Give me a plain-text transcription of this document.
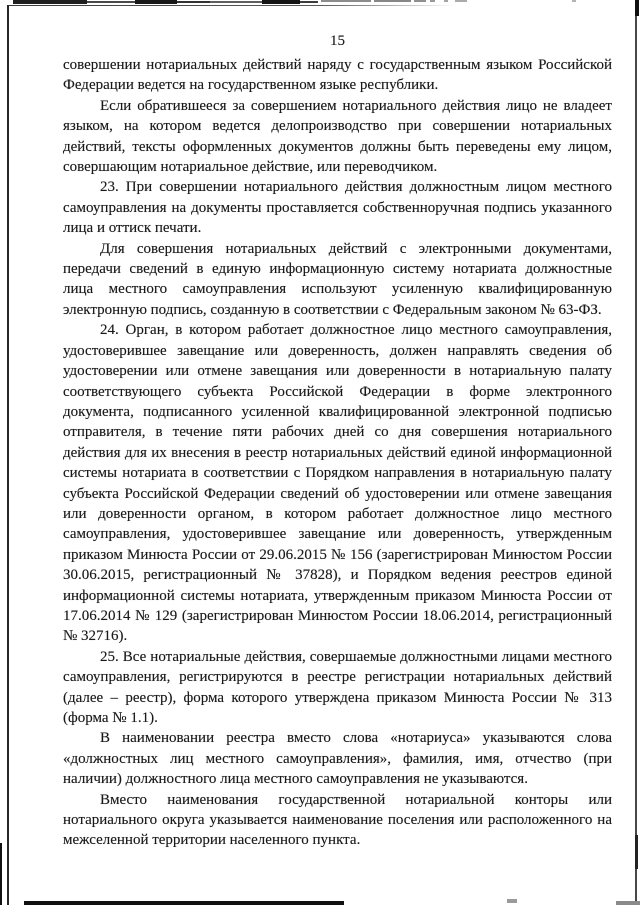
15

совершении нотариальных действий наряду с государственным языком Российской Федерации ведется на государственном языке республики.

Если обратившееся за совершением нотариального действия лицо не владеет языком, на котором ведется делопроизводство при совершении нотариальных действий, тексты оформленных документов должны быть переведены ему лицом, совершающим нотариальное действие, или переводчиком.

23. При совершении нотариального действия должностным лицом местного самоуправления на документы проставляется собственноручная подпись указанного лица и оттиск печати.

Для совершения нотариальных действий с электронными документами, передачи сведений в единую информационную систему нотариата должностные лица местного самоуправления используют усиленную квалифицированную электронную подпись, созданную в соответствии с Федеральным законом № 63-ФЗ.

24. Орган, в котором работает должностное лицо местного самоуправления, удостоверившее завещание или доверенность, должен направлять сведения об удостоверении или отмене завещания или доверенности в нотариальную палату соответствующего субъекта Российской Федерации в форме электронного документа, подписанного усиленной квалифицированной электронной подписью отправителя, в течение пяти рабочих дней со дня совершения нотариального действия для их внесения в реестр нотариальных действий единой информационной системы нотариата в соответствии с Порядком направления в нотариальную палату субъекта Российской Федерации сведений об удостоверении или отмене завещания или доверенности органом, в котором работает должностное лицо местного самоуправления, удостоверившее завещание или доверенность, утвержденным приказом Минюста России от 29.06.2015 № 156 (зарегистрирован Минюстом России 30.06.2015, регистрационный № 37828), и Порядком ведения реестров единой информационной системы нотариата, утвержденным приказом Минюста России от 17.06.2014 № 129 (зарегистрирован Минюстом России 18.06.2014, регистрационный № 32716).

25. Все нотариальные действия, совершаемые должностными лицами местного самоуправления, регистрируются в реестре регистрации нотариальных действий (далее – реестр), форма которого утверждена приказом Минюста России № 313 (форма № 1.1).

В наименовании реестра вместо слова «нотариуса» указываются слова «должностных лиц местного самоуправления», фамилия, имя, отчество (при наличии) должностного лица местного самоуправления не указываются.

Вместо наименования государственной нотариальной конторы или нотариального округа указывается наименование поселения или расположенного на межселенной территории населенного пункта.
